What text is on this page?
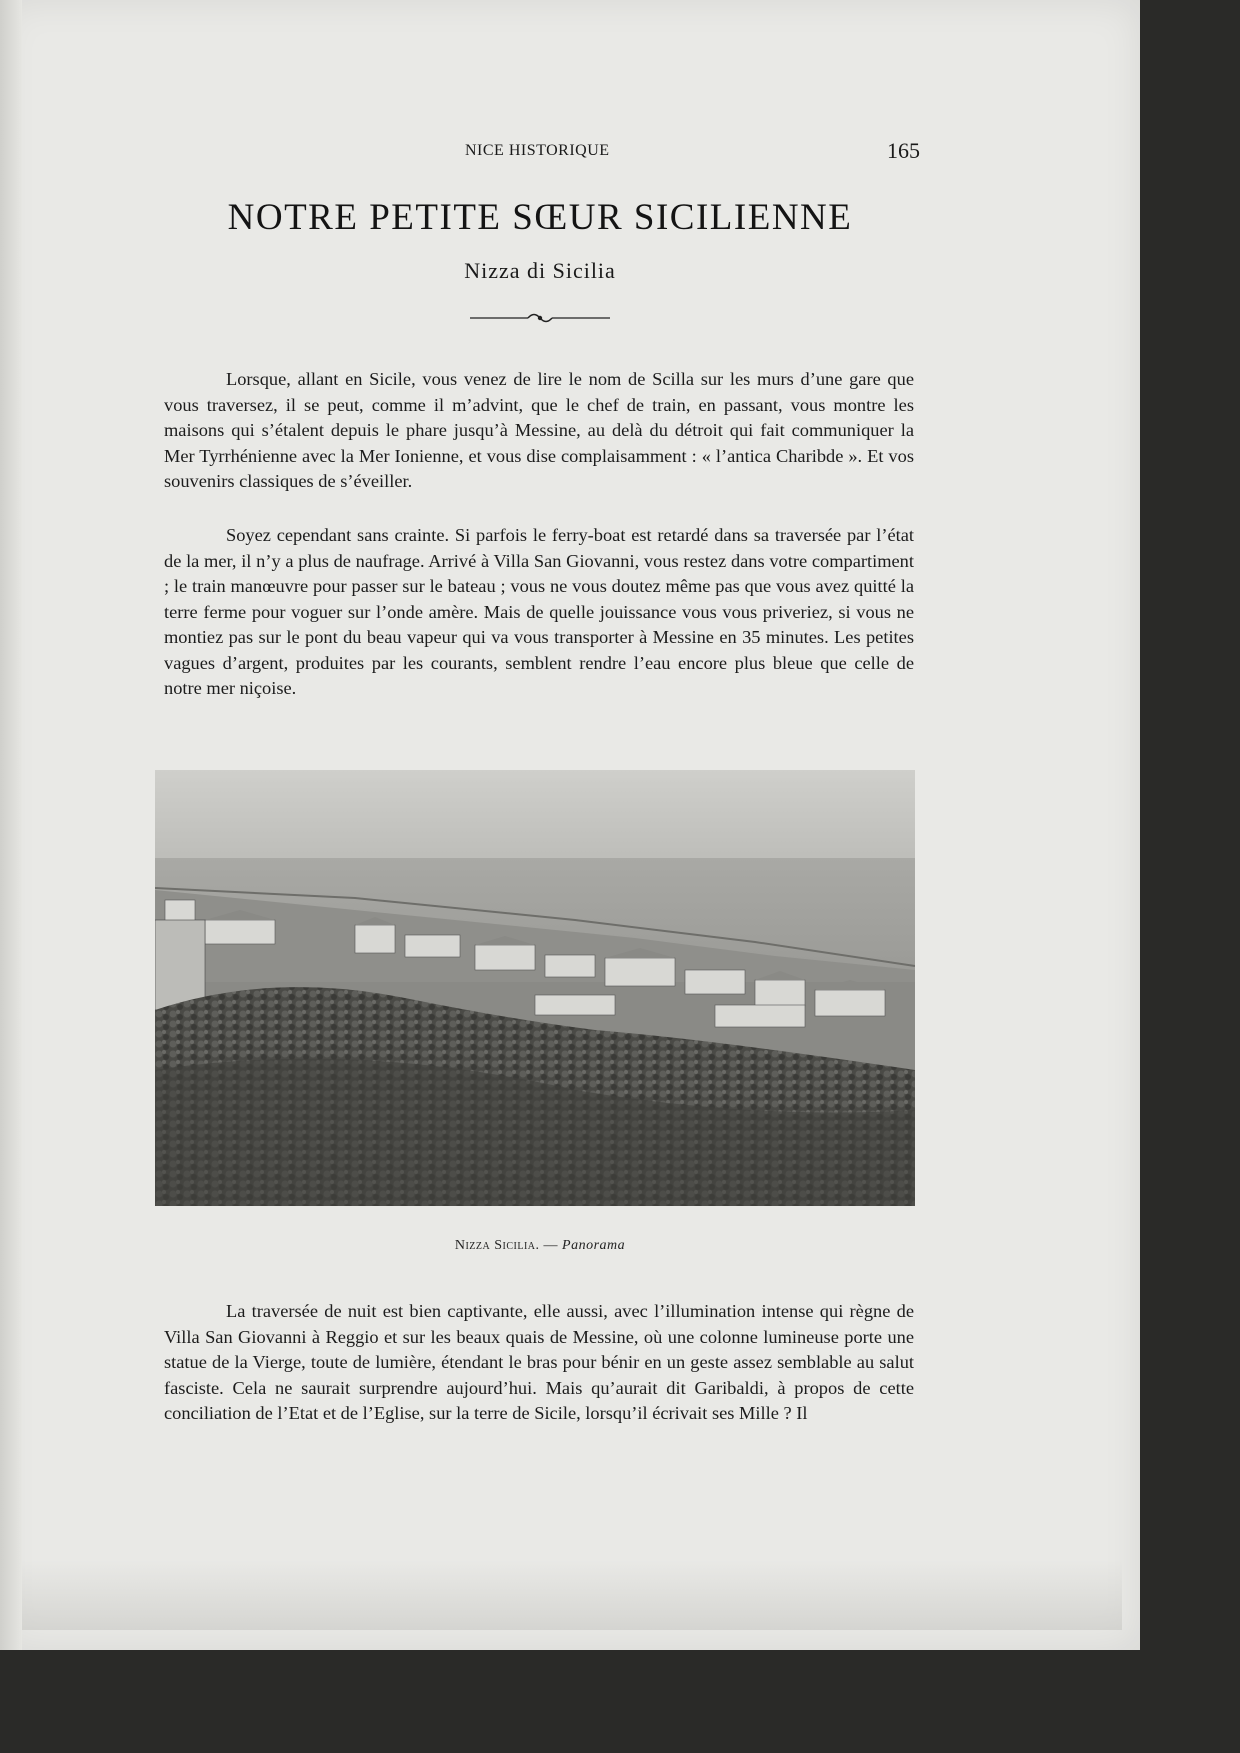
NICE HISTORIQUE	165
NOTRE PETITE SŒUR SICILIENNE
Nizza di Sicilia

Lorsque, allant en Sicile, vous venez de lire le nom de Scilla sur les murs d’une gare que vous traversez, il se peut, comme il m’advint, que le chef de train, en passant, vous montre les maisons qui s’étalent depuis le phare jusqu’à Messine, au delà du détroit qui fait communiquer la Mer Tyrrhénienne avec la Mer Ionienne, et vous dise complaisamment : « l’antica Charibde ». Et vos souvenirs classiques de s’éveiller.

Soyez cependant sans crainte. Si parfois le ferry-boat est retardé dans sa traversée par l’état de la mer, il n’y a plus de naufrage. Arrivé à Villa San Giovanni, vous restez dans votre compartiment ; le train manœuvre pour passer sur le bateau ; vous ne vous doutez même pas que vous avez quitté la terre ferme pour voguer sur l’onde amère. Mais de quelle jouissance vous vous priveriez, si vous ne montiez pas sur le pont du beau vapeur qui va vous transporter à Messine en 35 minutes. Les petites vagues d’argent, produites par les courants, semblent rendre l’eau encore plus bleue que celle de notre mer niçoise.

Nizza Sicilia. — Panorama

La traversée de nuit est bien captivante, elle aussi, avec l’illumination intense qui règne de Villa San Giovanni à Reggio et sur les beaux quais de Messine, où une colonne lumineuse porte une statue de la Vierge, toute de lumière, étendant le bras pour bénir en un geste assez semblable au salut fasciste. Cela ne saurait surprendre aujourd’hui. Mais qu’aurait dit Garibaldi, à propos de cette conciliation de l’Etat et de l’Eglise, sur la terre de Sicile, lorsqu’il écrivait ses Mille ? Il
